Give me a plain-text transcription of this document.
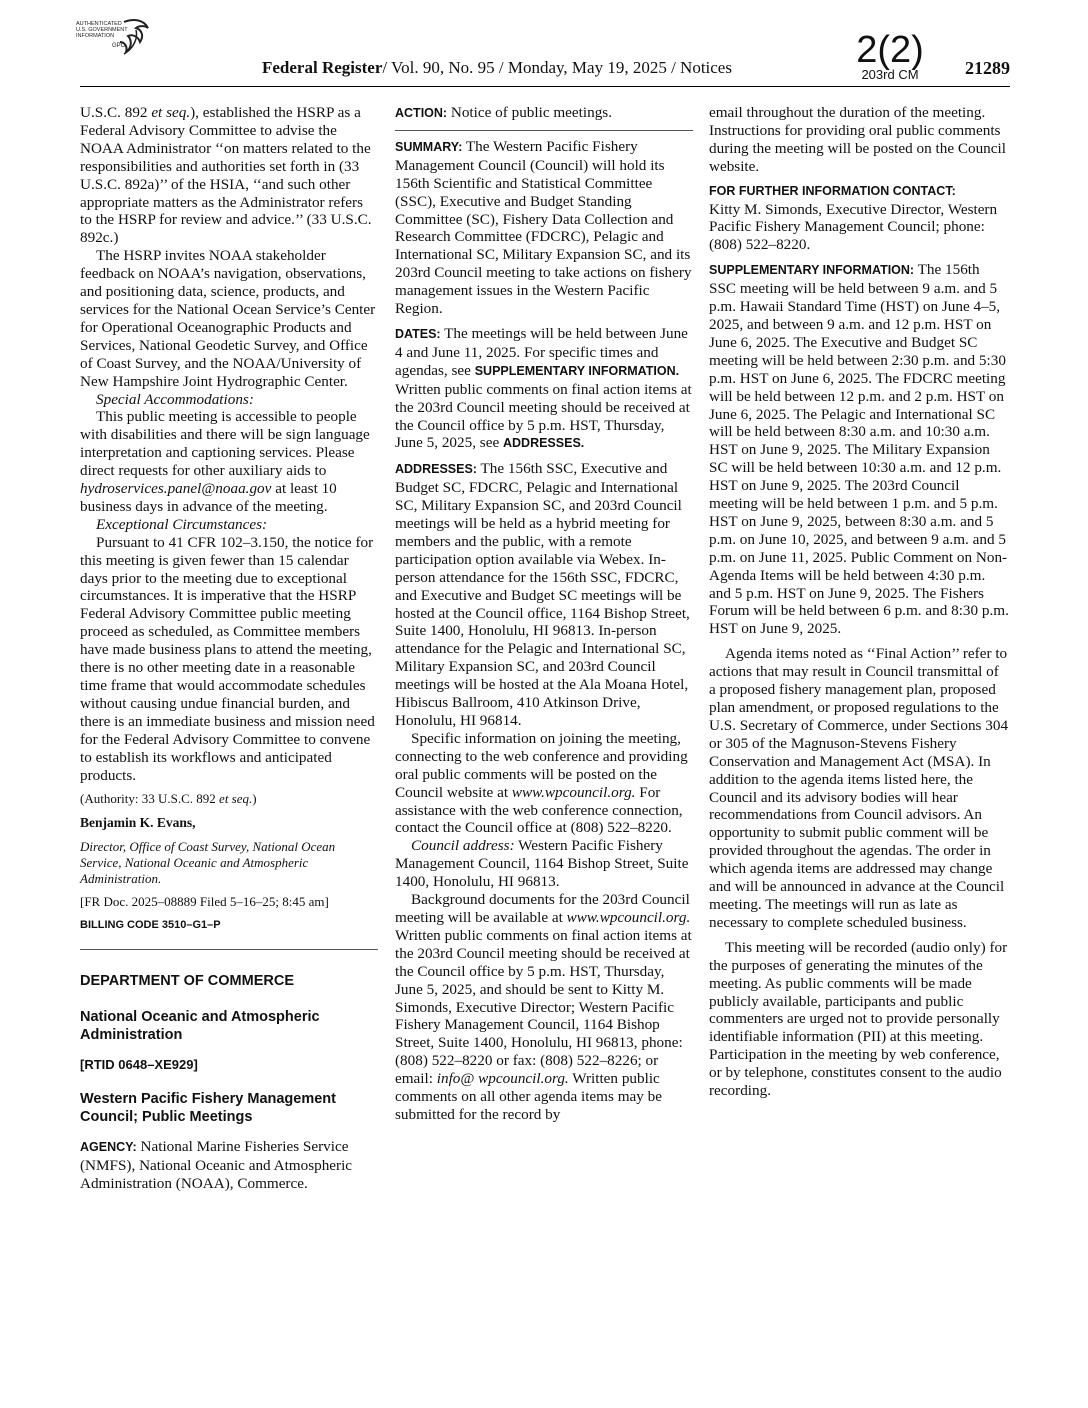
AUTHENTICATED
U.S. GOVERNMENT
INFORMATION
GPO	2(2)
203rd CM
Federal Register/ Vol. 90, No. 95 / Monday, May 19, 2025 / Notices	21289

U.S.C. 892 et seq.), established the HSRP as a Federal Advisory Committee to advise the NOAA Administrator ‘‘on matters related to the responsibilities and authorities set forth in (33 U.S.C. 892a)’’ of the HSIA, ‘‘and such other appropriate matters as the Administrator refers to the HSRP for review and advice.’’ (33 U.S.C. 892c.)

The HSRP invites NOAA stakeholder feedback on NOAA’s navigation, observations, and positioning data, science, products, and services for the National Ocean Service’s Center for Operational Oceanographic Products and Services, National Geodetic Survey, and Office of Coast Survey, and the NOAA/University of New Hampshire Joint Hydrographic Center.

Special Accommodations:

This public meeting is accessible to people with disabilities and there will be sign language interpretation and captioning services. Please direct requests for other auxiliary aids to hydroservices.panel@noaa.gov at least 10 business days in advance of the meeting.

Exceptional Circumstances:

Pursuant to 41 CFR 102–3.150, the notice for this meeting is given fewer than 15 calendar days prior to the meeting due to exceptional circumstances. It is imperative that the HSRP Federal Advisory Committee public meeting proceed as scheduled, as Committee members have made business plans to attend the meeting, there is no other meeting date in a reasonable time frame that would accommodate schedules without causing undue financial burden, and there is an immediate business and mission need for the Federal Advisory Committee to convene to establish its workflows and anticipated products.

(Authority: 33 U.S.C. 892 et seq.)

Benjamin K. Evans,

Director, Office of Coast Survey, National Ocean Service, National Oceanic and Atmospheric Administration.

[FR Doc. 2025–08889 Filed 5–16–25; 8:45 am]

BILLING CODE 3510–G1–P

DEPARTMENT OF COMMERCE

National Oceanic and Atmospheric Administration

[RTID 0648–XE929]

Western Pacific Fishery Management Council; Public Meetings

AGENCY: National Marine Fisheries Service (NMFS), National Oceanic and Atmospheric Administration (NOAA), Commerce.

ACTION: Notice of public meetings.

SUMMARY: The Western Pacific Fishery Management Council (Council) will hold its 156th Scientific and Statistical Committee (SSC), Executive and Budget Standing Committee (SC), Fishery Data Collection and Research Committee (FDCRC), Pelagic and International SC, Military Expansion SC, and its 203rd Council meeting to take actions on fishery management issues in the Western Pacific Region.

DATES: The meetings will be held between June 4 and June 11, 2025. For specific times and agendas, see SUPPLEMENTARY INFORMATION. Written public comments on final action items at the 203rd Council meeting should be received at the Council office by 5 p.m. HST, Thursday, June 5, 2025, see ADDRESSES.

ADDRESSES: The 156th SSC, Executive and Budget SC, FDCRC, Pelagic and International SC, Military Expansion SC, and 203rd Council meetings will be held as a hybrid meeting for members and the public, with a remote participation option available via Webex. In-person attendance for the 156th SSC, FDCRC, and Executive and Budget SC meetings will be hosted at the Council office, 1164 Bishop Street, Suite 1400, Honolulu, HI 96813. In-person attendance for the Pelagic and International SC, Military Expansion SC, and 203rd Council meetings will be hosted at the Ala Moana Hotel, Hibiscus Ballroom, 410 Atkinson Drive, Honolulu, HI 96814.

Specific information on joining the meeting, connecting to the web conference and providing oral public comments will be posted on the Council website at www.wpcouncil.org. For assistance with the web conference connection, contact the Council office at (808) 522–8220.

Council address: Western Pacific Fishery Management Council, 1164 Bishop Street, Suite 1400, Honolulu, HI 96813.

Background documents for the 203rd Council meeting will be available at www.wpcouncil.org. Written public comments on final action items at the 203rd Council meeting should be received at the Council office by 5 p.m. HST, Thursday, June 5, 2025, and should be sent to Kitty M. Simonds, Executive Director; Western Pacific Fishery Management Council, 1164 Bishop Street, Suite 1400, Honolulu, HI 96813, phone: (808) 522–8220 or fax: (808) 522–8226; or email: info@ wpcouncil.org. Written public comments on all other agenda items may be submitted for the record by

email throughout the duration of the meeting. Instructions for providing oral public comments during the meeting will be posted on the Council website.

FOR FURTHER INFORMATION CONTACT:

Kitty M. Simonds, Executive Director, Western Pacific Fishery Management Council; phone: (808) 522–8220.

SUPPLEMENTARY INFORMATION: The 156th SSC meeting will be held between 9 a.m. and 5 p.m. Hawaii Standard Time (HST) on June 4–5, 2025, and between 9 a.m. and 12 p.m. HST on June 6, 2025. The Executive and Budget SC meeting will be held between 2:30 p.m. and 5:30 p.m. HST on June 6, 2025. The FDCRC meeting will be held between 12 p.m. and 2 p.m. HST on June 6, 2025. The Pelagic and International SC will be held between 8:30 a.m. and 10:30 a.m. HST on June 9, 2025. The Military Expansion SC will be held between 10:30 a.m. and 12 p.m. HST on June 9, 2025. The 203rd Council meeting will be held between 1 p.m. and 5 p.m. HST on June 9, 2025, between 8:30 a.m. and 5 p.m. on June 10, 2025, and between 9 a.m. and 5 p.m. on June 11, 2025. Public Comment on Non-Agenda Items will be held between 4:30 p.m. and 5 p.m. HST on June 9, 2025. The Fishers Forum will be held between 6 p.m. and 8:30 p.m. HST on June 9, 2025.

Agenda items noted as ‘‘Final Action’’ refer to actions that may result in Council transmittal of a proposed fishery management plan, proposed plan amendment, or proposed regulations to the U.S. Secretary of Commerce, under Sections 304 or 305 of the Magnuson-Stevens Fishery Conservation and Management Act (MSA). In addition to the agenda items listed here, the Council and its advisory bodies will hear recommendations from Council advisors. An opportunity to submit public comment will be provided throughout the agendas. The order in which agenda items are addressed may change and will be announced in advance at the Council meeting. The meetings will run as late as necessary to complete scheduled business.

This meeting will be recorded (audio only) for the purposes of generating the minutes of the meeting. As public comments will be made publicly available, participants and public commenters are urged not to provide personally identifiable information (PII) at this meeting. Participation in the meeting by web conference, or by telephone, constitutes consent to the audio recording.
